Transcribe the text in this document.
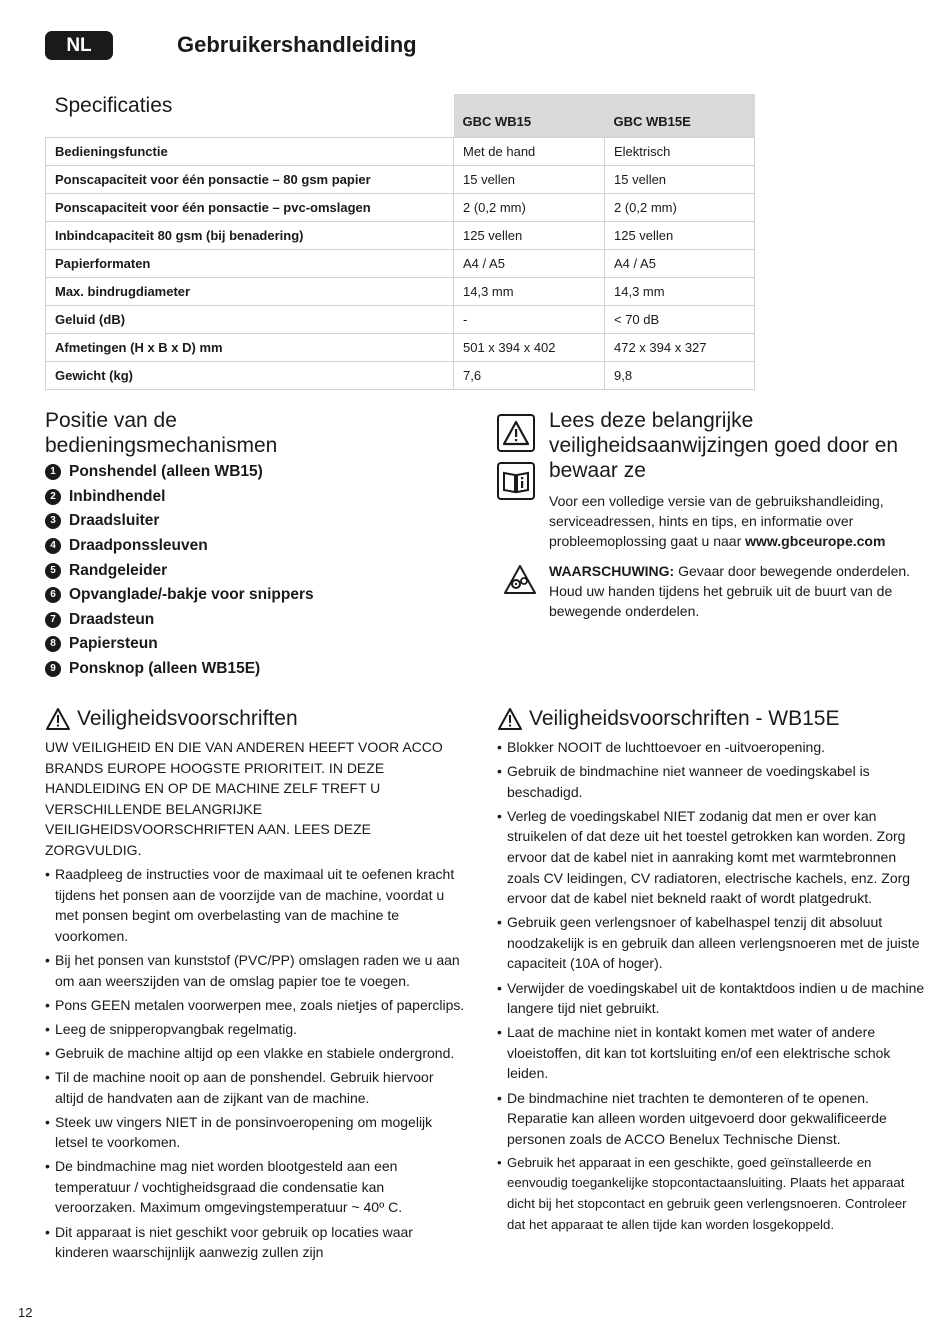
NL	Gebruikershandleiding
Specificaties	GBC WB15	GBC WB15E
Bedieningsfunctie	Met de hand	Elektrisch
Ponscapaciteit voor één ponsactie – 80 gsm papier	15 vellen	15 vellen
Ponscapaciteit voor één ponsactie – pvc-omslagen	2 (0,2 mm)	2 (0,2 mm)
Inbindcapaciteit 80 gsm (bij benadering)	125 vellen	125 vellen
Papierformaten	A4 / A5	A4 / A5
Max. bindrugdiameter	14,3 mm	14,3 mm
Geluid (dB)	-	< 70 dB
Afmetingen (H x B x D) mm	501 x 394 x 402	472 x 394 x 327
Gewicht (kg)	7,6	9,8
Positie van de bedieningsmechanismen
1 Ponshendel (alleen WB15)
2 Inbindhendel
3 Draadsluiter
4 Draadponssleuven
5 Randgeleider
6 Opvanglade/-bakje voor snippers
7 Draadsteun
8 Papiersteun
9 Ponsknop (alleen WB15E)
Lees deze belangrijke veiligheidsaanwijzingen goed door en bewaar ze
Voor een volledige versie van de gebruikshandleiding, serviceadressen, hints en tips, en informatie over probleemoplossing gaat u naar www.gbceurope.com
WAARSCHUWING: Gevaar door bewegende onderdelen. Houd uw handen tijdens het gebruik uit de buurt van de bewegende onderdelen.
Veiligheidsvoorschriften
UW VEILIGHEID EN DIE VAN ANDEREN HEEFT VOOR ACCO BRANDS EUROPE HOOGSTE PRIORITEIT. IN DEZE HANDLEIDING EN OP DE MACHINE ZELF TREFT U VERSCHILLENDE BELANGRIJKE VEILIGHEIDSVOORSCHRIFTEN AAN. LEES DEZE ZORGVULDIG.
• Raadpleeg de instructies voor de maximaal uit te oefenen kracht tijdens het ponsen aan de voorzijde van de machine, voordat u met ponsen begint om overbelasting van de machine te voorkomen.
• Bij het ponsen van kunststof (PVC/PP) omslagen raden we u aan om aan weerszijden van de omslag papier toe te voegen.
• Pons GEEN metalen voorwerpen mee, zoals nietjes of paperclips.
• Leeg de snipperopvangbak regelmatig.
• Gebruik de machine altijd op een vlakke en stabiele ondergrond.
• Til de machine nooit op aan de ponshendel. Gebruik hiervoor altijd de handvaten aan de zijkant van de machine.
• Steek uw vingers NIET in de ponsinvoeropening om mogelijk letsel te voorkomen.
• De bindmachine mag niet worden blootgesteld aan een temperatuur / vochtigheidsgraad die condensatie kan veroorzaken. Maximum omgevingstemperatuur ~ 40º C.
• Dit apparaat is niet geschikt voor gebruik op locaties waar kinderen waarschijnlijk aanwezig zullen zijn
Veiligheidsvoorschriften - WB15E
• Blokker NOOIT de luchttoevoer en -uitvoeropening.
• Gebruik de bindmachine niet wanneer de voedingskabel is beschadigd.
• Verleg de voedingskabel NIET zodanig dat men er over kan struikelen of dat deze uit het toestel getrokken kan worden. Zorg ervoor dat de kabel niet in aanraking komt met warmtebronnen zoals CV leidingen, CV radiatoren, electrische kachels, enz. Zorg ervoor dat de kabel niet bekneld raakt of wordt platgedrukt.
• Gebruik geen verlengsnoer of kabelhaspel tenzij dit absoluut noodzakelijk is en gebruik dan alleen verlengsnoeren met de juiste capaciteit (10A of hoger).
• Verwijder de voedingskabel uit de kontaktdoos indien u de machine langere tijd niet gebruikt.
• Laat de machine niet in kontakt komen met water of andere vloeistoffen, dit kan tot kortsluiting en/of een elektrische schok leiden.
• De bindmachine niet trachten te demonteren of te openen. Reparatie kan alleen worden uitgevoerd door gekwalificeerde personen zoals de ACCO Benelux Technische Dienst.
• Gebruik het apparaat in een geschikte, goed geïnstalleerde en eenvoudig toegankelijke stopcontactaansluiting. Plaats het apparaat dicht bij het stopcontact en gebruik geen verlengsnoeren. Controleer dat het apparaat te allen tijde kan worden losgekoppeld.
12
